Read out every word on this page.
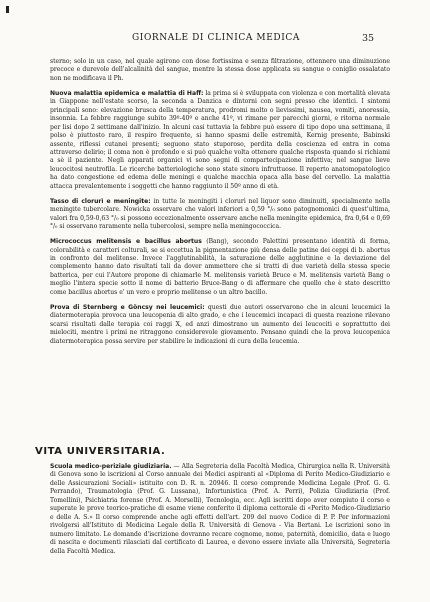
GIORNALE DI CLINICA MEDICA	35

sterno; solo in un caso, nel quale agirono con dose fortissima e senza filtrazione, ottennero una diminuzione precoce e durevole dell'alcalinità del sangue, mentre la stessa dose applicata su sangue o coniglio ossalatato non ne modificava il Ph.

Nuova malattia epidemica e malattia di Haff: la prima si è sviluppata con violenza e con mortalità elevata in Giappone nell'estate scorso, la seconda a Danzica e dintorni con segni presso che identici. I sintomi principali sono: elevazione brusca della temperatura, prodromi molto o lievissimi, nausea, vomiti, anoressia, insonnia. La febbre raggiunge subito 39º-40º e anche 41º, vi rimane per parecchi giorni, e ritorna normale per lisi dopo 2 settimane dall'inizio. In alcuni casi tuttavia la febbre può essere di tipo dopo una settimana, il polso è piuttosto raro, il respiro frequente, si hanno spasmi delle estremità, Kernig presente, Babinski assente, riflessi cutanei presenti; seguono stato stuporoso, perdita della coscienza ed entra in coma attraverso delirio; il coma non è profondo e si può qualche volta ottenere qualche risposta quando si richiami a sè il paziente. Negli apparati organici vi sono segni di compartecipazione infettiva; nel sangue lieve leucocitosi neutrofila. Le ricerche batteriologiche sono state sinora infruttuose. Il reperto anatomopatologico ha dato congestione ed edema delle meningi e qualche macchia opaca alla base del cervello. La malattia attacca prevalentemente i soggetti che hanno raggiunto il 50º anno di età.

Tasso di clorurì e meningite: in tutte le meningiti i clorurì nel liquor sono diminuiti, specialmente nella meningite tubercolare. Nowicka osservare che valori inferiori a 0,59 °/₀ sono patognomonici di quest'ultima, valori fra 0,59-0,63 °/₀ si possono eccezionalmente osservare anche nella meningite epidemica, fra 0,64 e 0,69 °/₀ si osservano raramente nella tubercolosi, sempre nella meningococcica.

Micrococcus melitensis e bacillus abortus (Bang), secondo Palettini presentano identità di forma, colorabilità e caratteri colturali, se si eccettua la pigmentazione più densa delle patine dei ceppi di b. abortus in confronto del melitense. Invece l'agglutinabilità, la saturazione delle agglutinine e la deviazione del complemento hanno dato risultati tali da dover ammettere che si tratti di due varietà della stessa specie batterica, per cui l'Autore propone di chiamarle M. melitensis varietà Bruce e M. melitensis varietà Bang o meglio l'intera specie sotto il nome di batterio Bruce-Bang o di affermare che quello che è stato descritto come bacillus abortus e' un vero e proprio melitense o un altro bacillo.

Prova di Sternberg e Göncsy nei leucemici: questi due autori osservarono che in alcuni leucemici la diatermoterapia provoca una leucopenia di alto grado, e che i leucemici incapaci di questa reazione rilevano scarsi risultati dalle terapia coi raggi X, ed anzi dimostrano un aumento dei leucociti e soprattutto dei mielociti, mentre i primi ne ritraggono considerevole giovamento. Pensano quindi che la prova leucopenica diatermoterapica possa servire per stabilire le indicazioni di cura della leucemia.

VITA UNIVERSITARIA.

Scuola medico-periziale giudiziaria. — Alla Segreteria della Facoltà Medica, Chirurgica nella R. Università di Genova sono le iscrizioni al Corso annuale dei Medici aspiranti al «Diploma di Perito Medico-Giudiziario e delle Assicurazioni Sociali» istituito con D. R. n. 20946. Il corso comprende Medicina Legale (Prof. G. G. Perrando), Traumatologia (Prof. G. Lussana), Infortunistica (Prof. A. Perri), Polizia Giudiziaria (Prof. Tomellini), Psichiatria forense (Prof. A. Morselli), Tecnologia, ecc. Agli iscritti dopo aver compiuto il corso e superate le prove teorico-pratiche di esame viene conferito il diploma cettorale di «Perito Medico-Giudiziario e delle A. S.» Il corso comprende anche agli effetti dell'art. 209 del nuovo Codice di P. P. Per informazioni rivolgersi all'Istituto di Medicina Legale della R. Università di Genova - Via Bertani. Le iscrizioni sono in numero limitato. Le domande d'iscrizione dovranno recare cognome, nome, paternità, domicilio, data e luogo di nascita e documenti rilasciati dal certificato di Laurea, e devono essere inviate alla Università, Segreteria della Facoltà Medica.
